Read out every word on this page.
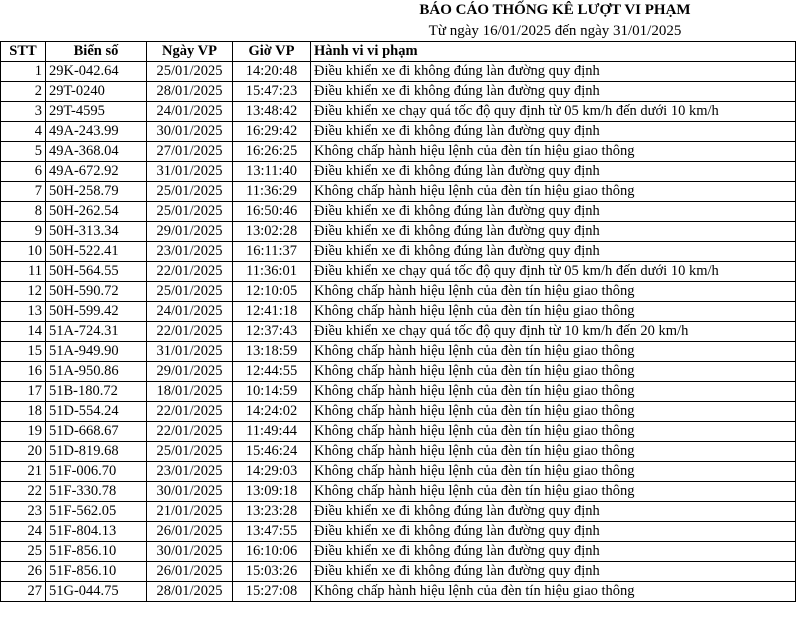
BÁO CÁO THỐNG KÊ LƯỢT VI PHẠM
Từ ngày 16/01/2025 đến ngày 31/01/2025
STT	Biển số	Ngày VP	Giờ VP	Hành vi vi phạm
1	29K-042.64	25/01/2025	14:20:48	Điều khiển xe đi không đúng làn đường quy định
2	29T-0240	28/01/2025	15:47:23	Điều khiển xe đi không đúng làn đường quy định
3	29T-4595	24/01/2025	13:48:42	Điều khiển xe chạy quá tốc độ quy định từ 05 km/h đến dưới 10 km/h
4	49A-243.99	30/01/2025	16:29:42	Điều khiển xe đi không đúng làn đường quy định
5	49A-368.04	27/01/2025	16:26:25	Không chấp hành hiệu lệnh của đèn tín hiệu giao thông
6	49A-672.92	31/01/2025	13:11:40	Điều khiển xe đi không đúng làn đường quy định
7	50H-258.79	25/01/2025	11:36:29	Không chấp hành hiệu lệnh của đèn tín hiệu giao thông
8	50H-262.54	25/01/2025	16:50:46	Điều khiển xe đi không đúng làn đường quy định
9	50H-313.34	29/01/2025	13:02:28	Điều khiển xe đi không đúng làn đường quy định
10	50H-522.41	23/01/2025	16:11:37	Điều khiển xe đi không đúng làn đường quy định
11	50H-564.55	22/01/2025	11:36:01	Điều khiển xe chạy quá tốc độ quy định từ 05 km/h đến dưới 10 km/h
12	50H-590.72	25/01/2025	12:10:05	Không chấp hành hiệu lệnh của đèn tín hiệu giao thông
13	50H-599.42	24/01/2025	12:41:18	Không chấp hành hiệu lệnh của đèn tín hiệu giao thông
14	51A-724.31	22/01/2025	12:37:43	Điều khiển xe chạy quá tốc độ quy định từ 10 km/h đến 20 km/h
15	51A-949.90	31/01/2025	13:18:59	Không chấp hành hiệu lệnh của đèn tín hiệu giao thông
16	51A-950.86	29/01/2025	12:44:55	Không chấp hành hiệu lệnh của đèn tín hiệu giao thông
17	51B-180.72	18/01/2025	10:14:59	Không chấp hành hiệu lệnh của đèn tín hiệu giao thông
18	51D-554.24	22/01/2025	14:24:02	Không chấp hành hiệu lệnh của đèn tín hiệu giao thông
19	51D-668.67	22/01/2025	11:49:44	Không chấp hành hiệu lệnh của đèn tín hiệu giao thông
20	51D-819.68	25/01/2025	15:46:24	Không chấp hành hiệu lệnh của đèn tín hiệu giao thông
21	51F-006.70	23/01/2025	14:29:03	Không chấp hành hiệu lệnh của đèn tín hiệu giao thông
22	51F-330.78	30/01/2025	13:09:18	Không chấp hành hiệu lệnh của đèn tín hiệu giao thông
23	51F-562.05	21/01/2025	13:23:28	Điều khiển xe đi không đúng làn đường quy định
24	51F-804.13	26/01/2025	13:47:55	Điều khiển xe đi không đúng làn đường quy định
25	51F-856.10	30/01/2025	16:10:06	Điều khiển xe đi không đúng làn đường quy định
26	51F-856.10	26/01/2025	15:03:26	Điều khiển xe đi không đúng làn đường quy định
27	51G-044.75	28/01/2025	15:27:08	Không chấp hành hiệu lệnh của đèn tín hiệu giao thông
